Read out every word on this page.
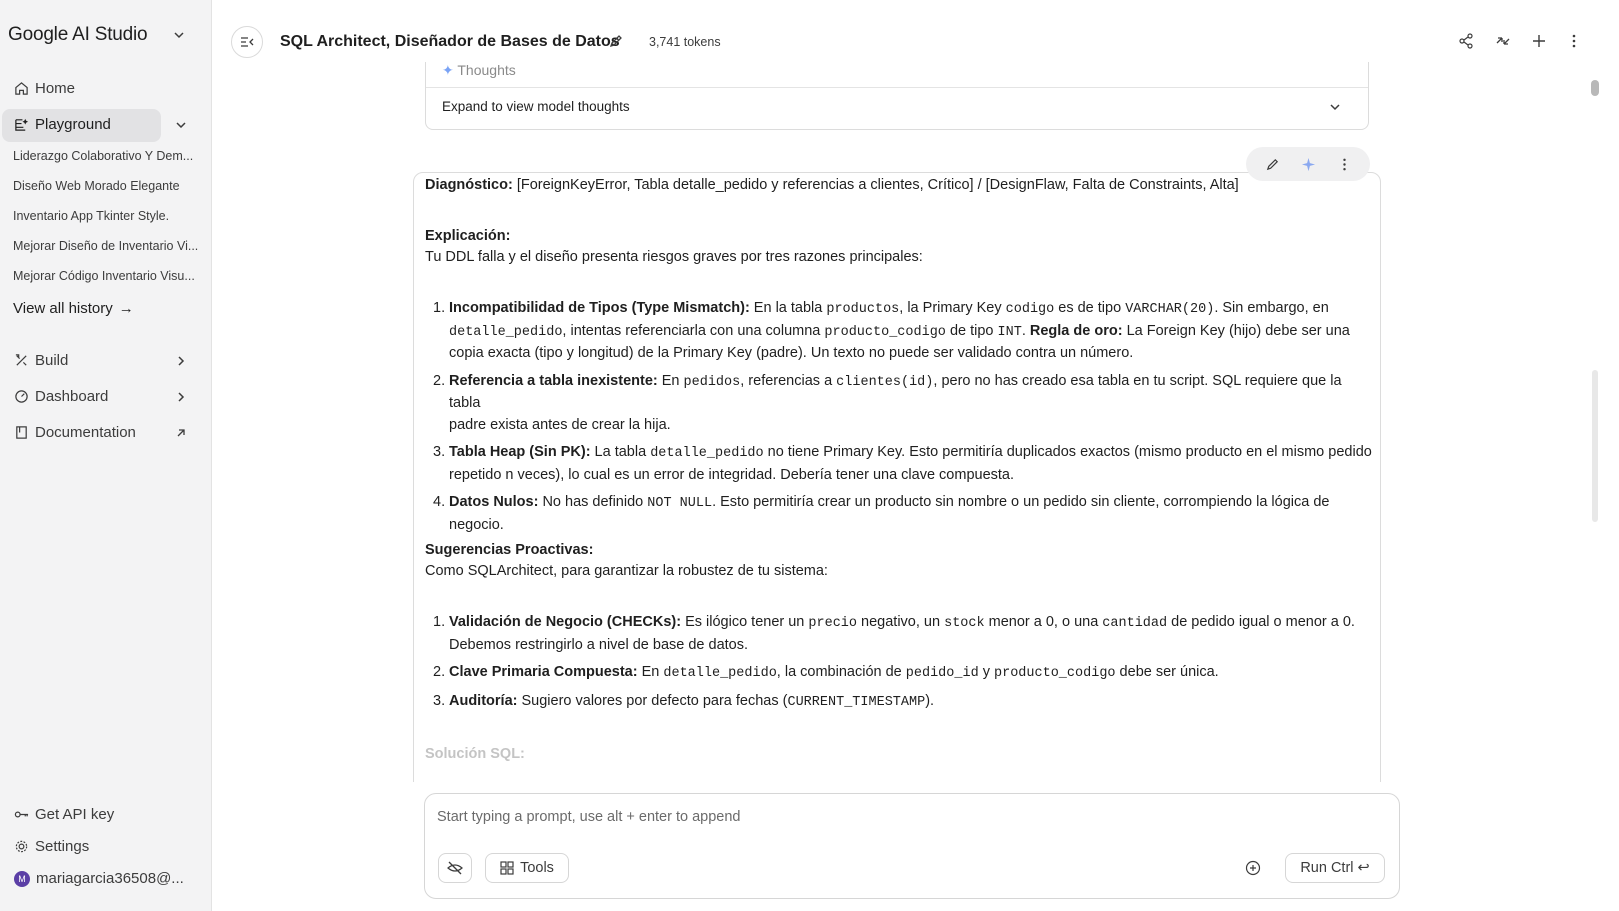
Google AI Studio
Home
Playground
Liderazgo Colaborativo Y Dem...
Diseño Web Morado Elegante
Inventario App Tkinter Style.
Mejorar Diseño de Inventario Vi...
Mejorar Código Inventario Visu...
View all history →
Build
Dashboard
Documentation
Get API key
Settings
M mariagarcia36508@...
SQL Architect, Diseñador de Bases de Datos 3,741 tokens
✦ Thoughts
Expand to view model thoughts
Diagnóstico: [ForeignKeyError, Tabla detalle_pedido y referencias a clientes, Crítico] / [DesignFlaw, Falta de Constraints, Alta]
Explicación:
Tu DDL falla y el diseño presenta riesgos graves por tres razones principales:
1. Incompatibilidad de Tipos (Type Mismatch): En la tabla productos, la Primary Key codigo es de tipo VARCHAR(20). Sin embargo, en
detalle_pedido, intentas referenciarla con una columna producto_codigo de tipo INT. Regla de oro: La Foreign Key (hijo) debe ser una
copia exacta (tipo y longitud) de la Primary Key (padre). Un texto no puede ser validado contra un número.
2. Referencia a tabla inexistente: En pedidos, referencias a clientes(id), pero no has creado esa tabla en tu script. SQL requiere que la tabla
padre exista antes de crear la hija.
3. Tabla Heap (Sin PK): La tabla detalle_pedido no tiene Primary Key. Esto permitiría duplicados exactos (mismo producto en el mismo pedido
repetido n veces), lo cual es un error de integridad. Debería tener una clave compuesta.
4. Datos Nulos: No has definido NOT NULL. Esto permitiría crear un producto sin nombre o un pedido sin cliente, corrompiendo la lógica de
negocio.
Sugerencias Proactivas:
Como SQLArchitect, para garantizar la robustez de tu sistema:
1. Validación de Negocio (CHECKs): Es ilógico tener un precio negativo, un stock menor a 0, o una cantidad de pedido igual o menor a 0.
Debemos restringirlo a nivel de base de datos.
2. Clave Primaria Compuesta: En detalle_pedido, la combinación de pedido_id y producto_codigo debe ser única.
3. Auditoría: Sugiero valores por defecto para fechas (CURRENT_TIMESTAMP).
Solución SQL:
Start typing a prompt, use alt + enter to append
Tools	Run Ctrl ↩
